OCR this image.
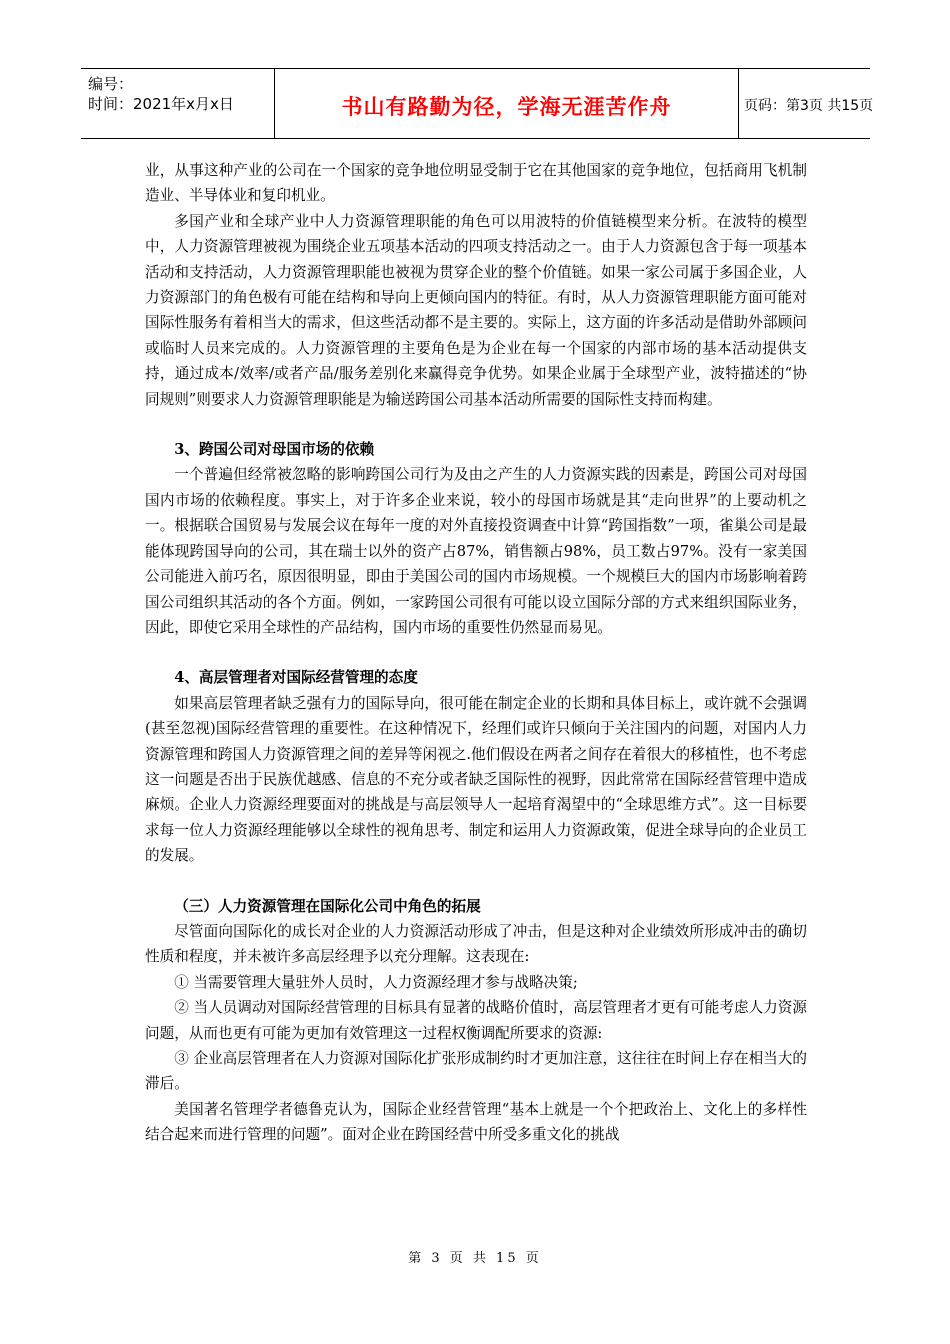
编号：
时间：2021年x月x日	书山有路勤为径，学海无涯苦作舟	页码：第3页 共15页

业，从事这种产业的公司在一个国家的竞争地位明显受制于它在其他国家的竞争地位，包括商用飞机制造业、半导体业和复印机业。

多国产业和全球产业中人力资源管理职能的角色可以用波特的价值链模型来分析。在波特的模型中，人力资源管理被视为围绕企业五项基本活动的四项支持活动之一。由于人力资源包含于每一项基本活动和支持活动，人力资源管理职能也被视为贯穿企业的整个价值链。如果一家公司属于多国企业，人力资源部门的角色极有可能在结构和导向上更倾向国内的特征。有时，从人力资源管理职能方面可能对国际性服务有着相当大的需求，但这些活动都不是主要的。实际上，这方面的许多活动是借助外部顾问或临时人员来完成的。人力资源管理的主要角色是为企业在每一个国家的内部市场的基本活动提供支持，通过成本/效率/或者产品/服务差别化来赢得竞争优势。如果企业属于全球型产业，波特描述的“协同规则”则要求人力资源管理职能是为输送跨国公司基本活动所需要的国际性支持而构建。

3、跨国公司对母国市场的依赖

一个普遍但经常被忽略的影响跨国公司行为及由之产生的人力资源实践的因素是，跨国公司对母国国内市场的依赖程度。事实上，对于许多企业来说，较小的母国市场就是其“走向世界”的上要动机之一。根据联合国贸易与发展会议在每年一度的对外直接投资调查中计算“跨国指数”一项，雀巢公司是最能体现跨国导向的公司，其在瑞士以外的资产占87%，销售额占98%，员工数占97%。没有一家美国公司能进入前巧名，原因很明显，即由于美国公司的国内市场规模。一个规模巨大的国内市场影响着跨国公司组织其活动的各个方面。例如，一家跨国公司很有可能以设立国际分部的方式来组织国际业务，因此，即使它采用全球性的产品结构，国内市场的重要性仍然显而易见。

4、高层管理者对国际经营管理的态度

如果高层管理者缺乏强有力的国际导向，很可能在制定企业的长期和具体目标上，或许就不会强调(甚至忽视)国际经营管理的重要性。在这种情况下，经理们或许只倾向于关注国内的问题，对国内人力资源管理和跨国人力资源管理之间的差异等闲视之.他们假设在两者之间存在着很大的移植性，也不考虑这一问题是否出于民族优越感、信息的不充分或者缺乏国际性的视野，因此常常在国际经营管理中造成麻烦。企业人力资源经理要面对的挑战是与高层领导人一起培育渴望中的“全球思维方式”。这一目标要求每一位人力资源经理能够以全球性的视角思考、制定和运用人力资源政策，促进全球导向的企业员工的发展。

（三）人力资源管理在国际化公司中角色的拓展

尽管面向国际化的成长对企业的人力资源活动形成了冲击，但是这种对企业绩效所形成冲击的确切性质和程度，并未被许多高层经理予以充分理解。这表现在:

① 当需要管理大量驻外人员时，人力资源经理才参与战略决策;

② 当人员调动对国际经营管理的目标具有显著的战略价值时，高层管理者才更有可能考虑人力资源问题，从而也更有可能为更加有效管理这一过程权衡调配所要求的资源:

③ 企业高层管理者在人力资源对国际化扩张形成制约时才更加注意，这往往在时间上存在相当大的滞后。

美国著名管理学者德鲁克认为，国际企业经营管理“基本上就是一个个把政治上、文化上的多样性结合起来而进行管理的问题”。面对企业在跨国经营中所受多重文化的挑战

第 3 页 共 15 页
